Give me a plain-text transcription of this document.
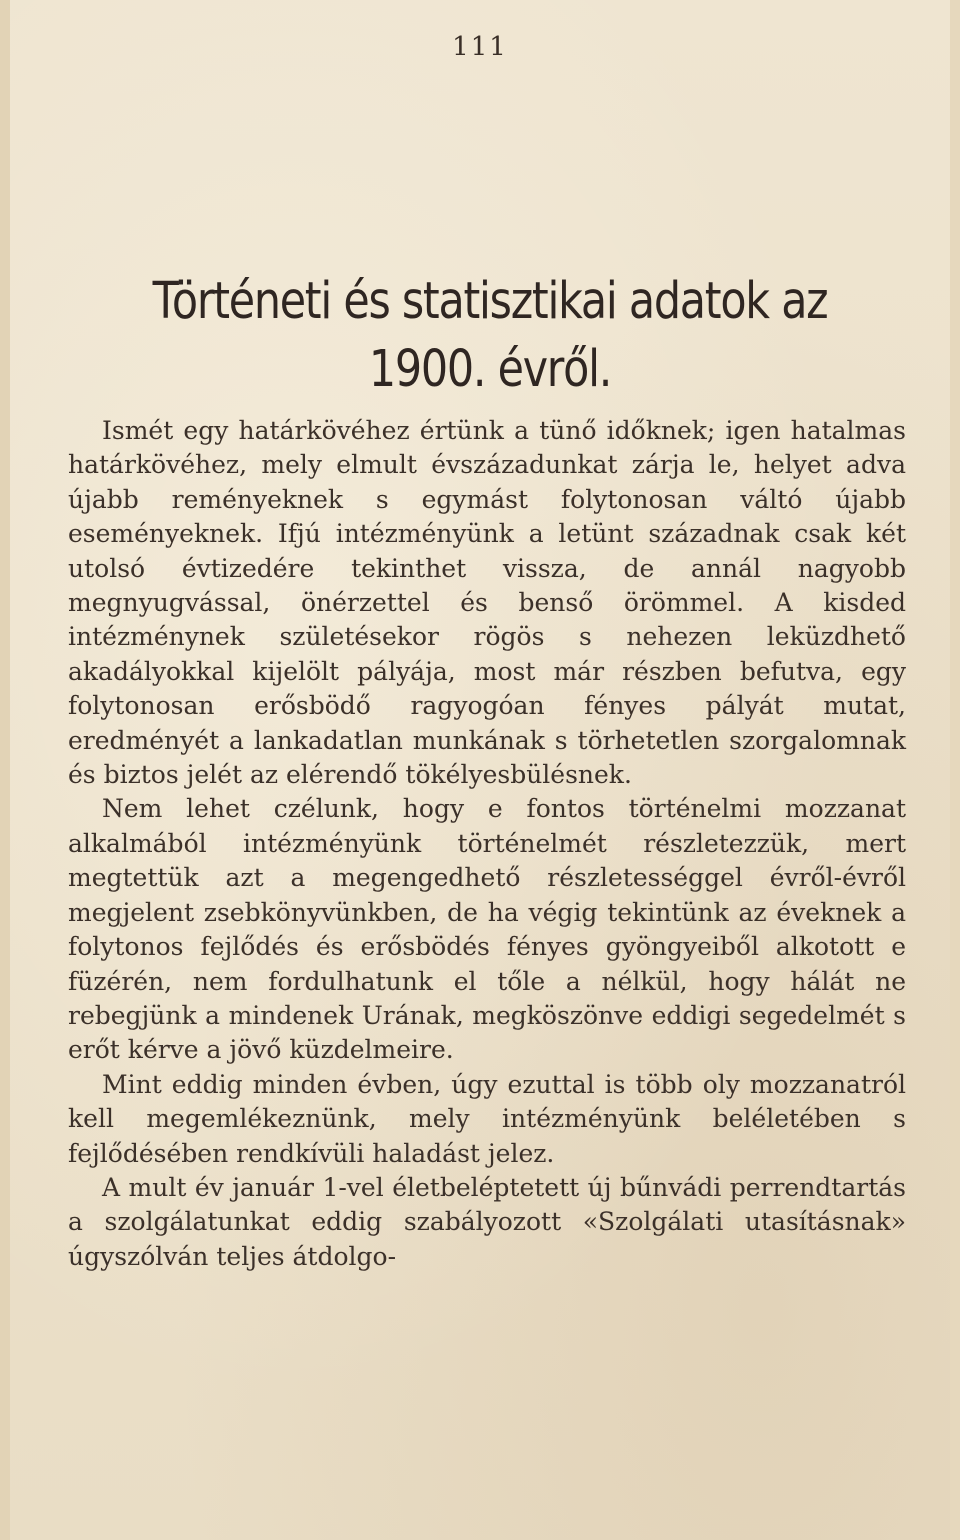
111
Történeti és statisztikai adatok az 1900. évről.

Ismét egy határkövéhez értünk a tünő időknek; igen hatalmas határkövéhez, mely elmult évszázadunkat zárja le, helyet adva újabb reményeknek s egymást folytonosan váltó újabb eseményeknek. Ifjú intézményünk a letünt századnak csak két utolsó évtizedére tekinthet vissza, de annál nagyobb megnyugvással, önérzettel és benső örömmel. A kisded intézménynek születésekor rögös s nehezen leküzdhető akadályokkal kijelölt pályája, most már részben befutva, egy folytonosan erősbödő ragyogóan fényes pályát mutat, eredményét a lankadatlan munkának s törhetetlen szorgalomnak és biztos jelét az elérendő tökélyesbülésnek.

Nem lehet czélunk, hogy e fontos történelmi mozzanat alkalmából intézményünk történelmét részletezzük, mert megtettük azt a megengedhető részletességgel évről-évről megjelent zsebkönyvünkben, de ha végig tekintünk az éveknek a folytonos fejlődés és erősbödés fényes gyöngyeiből alkotott e füzérén, nem fordulhatunk el tőle a nélkül, hogy hálát ne rebegjünk a mindenek Urának, megköszönve eddigi segedelmét s erőt kérve a jövő küzdelmeire.

Mint eddig minden évben, úgy ezuttal is több oly mozzanatról kell megemlékeznünk, mely intézményünk beléletében s fejlődésében rendkívüli haladást jelez.

A mult év január 1-vel életbeléptetett új bűnvádi perrendtartás a szolgálatunkat eddig szabályozott «Szolgálati utasításnak» úgyszólván teljes átdolgo-
